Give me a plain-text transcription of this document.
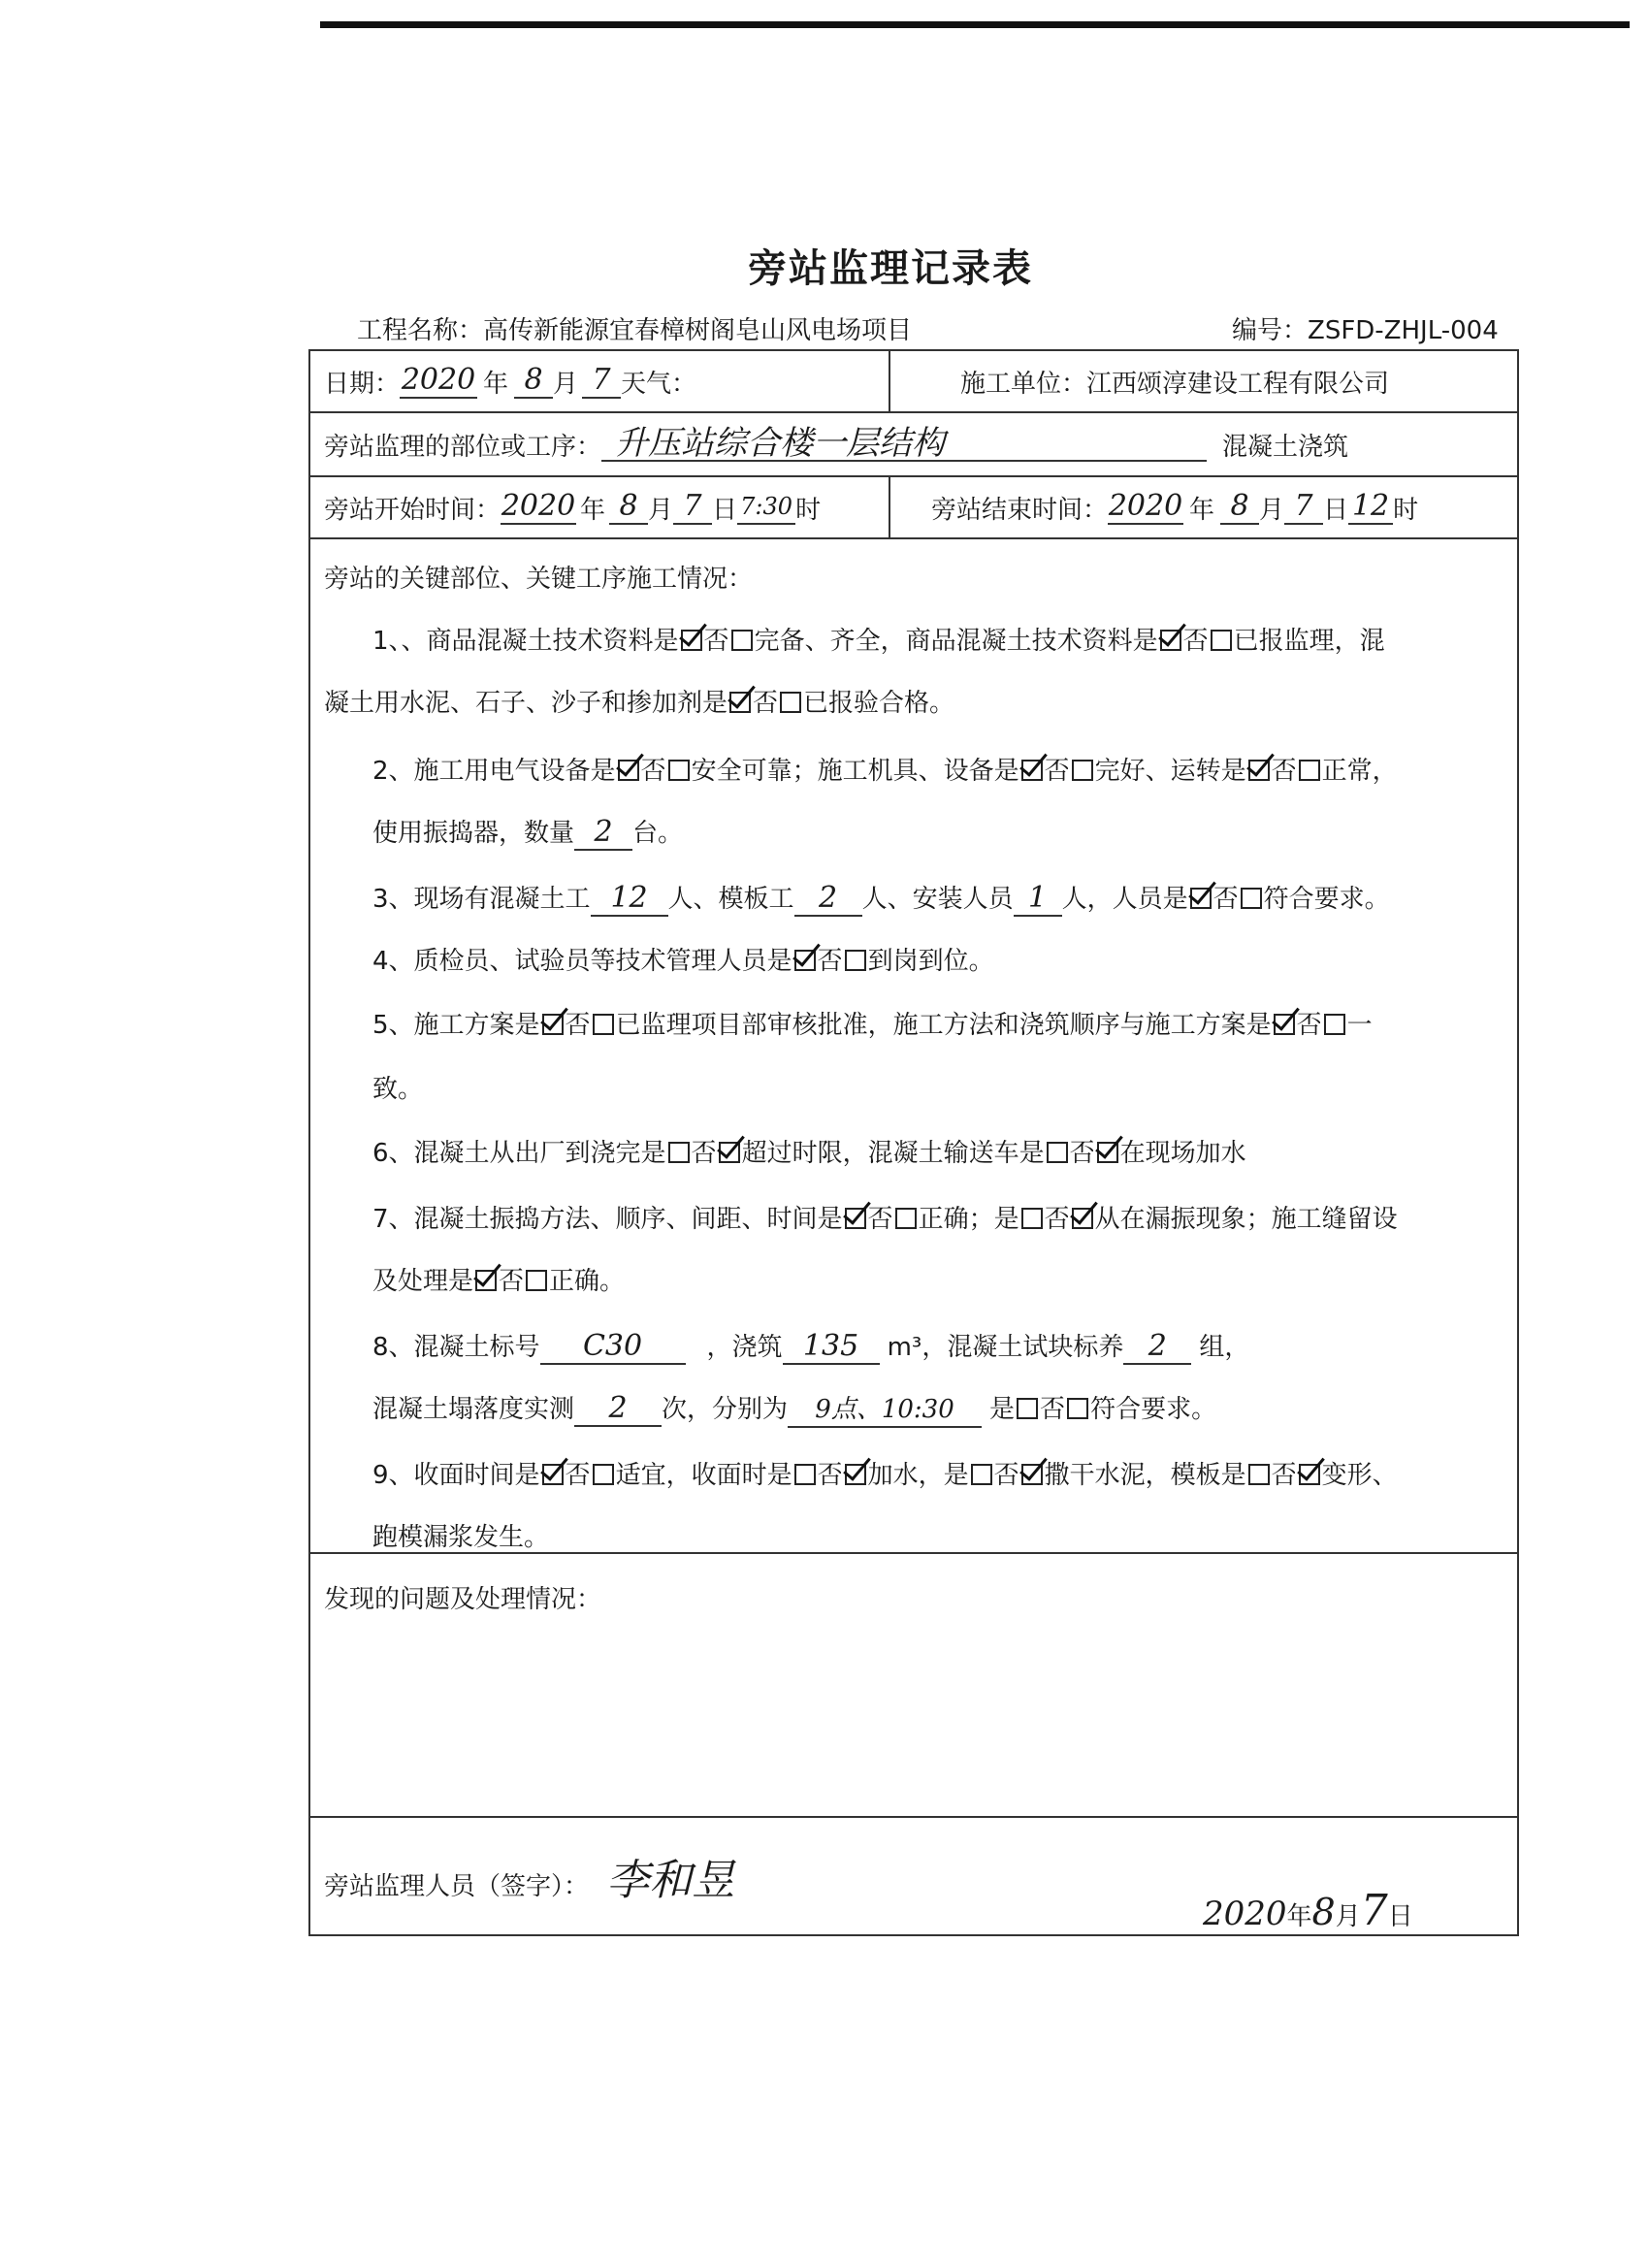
旁站监理记录表
工程名称：高传新能源宜春樟树阁皂山风电场项目	编号：ZSFD-ZHJL-004
日期： 2020 年 8 月 7 天气：	施工单位： 江西颂淳建设工程有限公司
旁站监理的部位或工序： 升压站综合楼一层结构	混凝土浇筑
旁站开始时间： 2020 年 8 月 7 日 7:30 时	旁站结束时间： 2020 年 8 月 7 日 12 时
旁站的关键部位、关键工序施工情况：
1、、商品混凝土技术资料是 否 完备、齐全，商品混凝土技术资料是 否 已报监理，混
凝土用水泥、石子、沙子和掺加剂是 否 已报验合格。
2、施工用电气设备是 否 安全可靠；施工机具、设备是 否 完好、运转是 否 正常，
使用振捣器，数量 2 台。
3、现场有混凝土工 12 人、模板工 2 人、安装人员 1 人，人员是 否 符合要求。
4、质检员、试验员等技术管理人员是 否 到岗到位。
5、施工方案是 否 已监理项目部审核批准，施工方法和浇筑顺序与施工方案是 否 一
致。
6、混凝土从出厂到浇完是 否 超过时限，混凝土输送车是 否 在现场加水
7、混凝土振捣方法、顺序、间距、时间是 否 正确；是 否 从在漏振现象；施工缝留设
及处理是 否 正确。
8、混凝土标号 C30	，浇筑 135 m³，混凝土试块标养 2 组，
混凝土塌落度实测 2 次，分别为 9点、10:30 是 否 符合要求。
9、收面时间是 否 适宜，收面时是 否 加水，是 否 撒干水泥，模板是 否 变形、
跑模漏浆发生。
发现的问题及处理情况：
旁站监理人员（签字）： 李和昱
2020年8月7日
